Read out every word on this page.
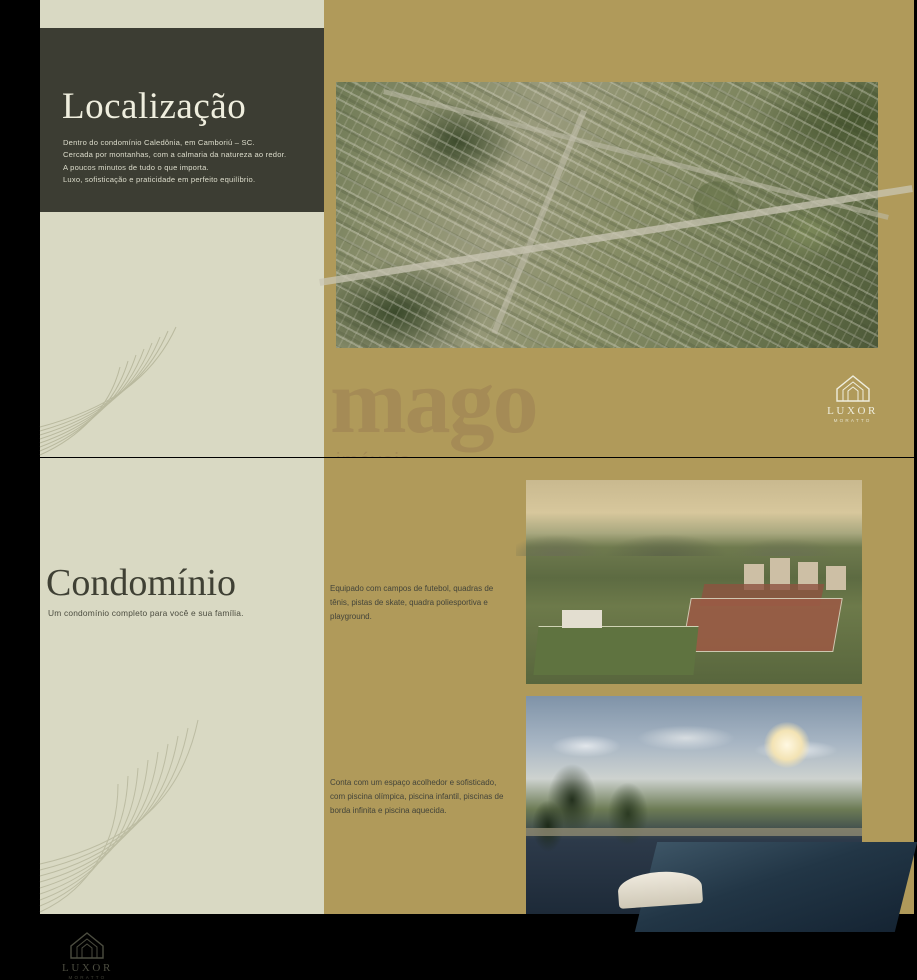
Localização
Dentro do condomínio Caledônia, em Camboriú – SC.
Cercada por montanhas, com a calmaria da natureza ao redor.
A poucos minutos de tudo o que importa.
Luxo, sofisticação e praticidade em perfeito equilíbrio.
mago	LUXOR
MORATTO
LUXOR
MORATTO
Condomínio
Um condomínio completo para você e sua família.
Equipado com campos de futebol, quadras de tênis, pistas de skate, quadra poliesportiva e playground.
Conta com um espaço acolhedor e sofisticado, com piscina olímpica, piscina infantil, piscinas de borda infinita e piscina aquecida.
